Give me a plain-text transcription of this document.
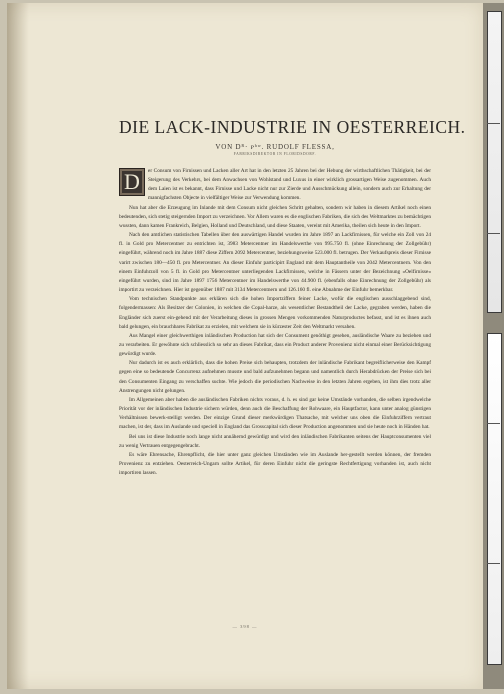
DIE LACK-INDUSTRIE IN OESTERREICH.
VON Dᴿ· ᴘʰʷ. RUDOLF FLESSA,
FABRIKSDIREKTOR IN FLORIDSDORF.

D	er Consum von Firnissen und Lacken aller Art hat in den letzten 25 Jahren bei der Hebung der wirthschaftlichen Thätigkeit, bei der Steigerung des Verkehrs, bei dem Anwachsen von Wohlstand und Luxus in einer wirklich grossartigen Weise zugenommen. Auch dem Laien ist es bekannt, dass Firnisse und Lacke nicht nur zur Zierde und Ausschmückung allein, sondern auch zur Erhaltung der mannigfachsten Objecte in vielfältiger Weise zur Verwendung kommen.

Nun hat aber die Erzeugung im Inlande mit dem Consum nicht gleichen Schritt gehalten, sondern wir haben in diesem Artikel noch einen bedeutenden, sich stetig steigernden Import zu verzeichnen. Vor Allem waren es die englischen Fabriken, die sich des Weltmarktes zu bemächtigen wussten, dann kamen Frankreich, Belgien, Holland und Deutschland, und diese Staaten, vereint mit Amerika, theilen sich heute in den Import.

Nach den amtlichen statistischen Tabellen über den auswärtigen Handel wurden im Jahre 1897 an Lackfirnissen, für welche ein Zoll von 24 fl. in Gold pro Metercentner zu entrichten ist, 3983 Metercentner im Handelswerthe von 995.750 fl. (ohne Einrechnung der Zollgebühr) eingeführt, während noch im Jahre 1887 diese Ziffern 2092 Metercentner, beziehungsweise 523.000 fl. betrugen. Der Verkaufspreis dieser Firnisse varirt zwischen 180—450 fl. pro Metercentner. An dieser Einfuhr participirt England mit dem Hauptantheile von 2042 Metercentnern. Von den einem Einfuhrzoll von 5 fl. in Gold pro Metercentner unterliegenden Lackfirnissen, welche in Fässern unter der Bezeichnung »Oelfirnisse« eingeführt wurden, sind im Jahre 1897 1756 Metercentner im Handelswerthe von 44.900 fl. (ebenfalls ohne Einrechnung der Zollgebühr) als importirt zu verzeichnen. Hier ist gegenüber 1887 mit 3134 Metercentnern und 126.160 fl. eine Abnahme der Einfuhr bemerkbar.

Vom technischen Standpunkte aus erklären sich die hohen Importziffern feiner Lacke, wofür die englischen ausschlaggebend sind, folgendermassen: Als Besitzer der Colonien, in welchen die Copal-harze, als wesentlicher Bestandtheil der Lacke, gegraben werden, haben die Engländer sich zuerst ein-gehend mit der Verarbeitung dieses in grossen Mengen vorkommenden Naturproductes befasst, und ist es ihnen auch bald gelungen, ein brauchbares Fabrikat zu erzielen, mit welchem sie in kürzester Zeit den Weltmarkt versahen.

Aus Mangel einer gleichwerthigen inländischen Production hat sich der Consument genöthigt gesehen, ausländische Waare zu beziehen und zu verarbeiten. Er gewöhnte sich schliesslich so sehr an dieses Fabrikat, dass ein Product anderer Provenienz nicht einmal einer Berücksichtigung gewürdigt wurde.

Nur dadurch ist es auch erklärlich, dass die hohen Preise sich behaupten, trotzdem der inländische Fabrikant begreiflicherweise den Kampf gegen eine so bedeutende Concurrenz aufnehmen musste und bald aufzunehmen begann und namentlich durch Herabdrücken der Preise sich bei den Consumenten Eingang zu verschaffen suchte. Wie jedoch die periodischen Nachweise in den letzten Jahren ergeben, ist ihm dies trotz aller Anstrengungen nicht gelungen.

Im Allgemeinen aber haben die ausländischen Fabriken nichts voraus, d. h. es sind gar keine Umstände vorhanden, die selben irgendwelche Priorität vor der inländischen Industrie sichern würden, denn auch die Beschaffung der Rohwaare, ein Hauptfactor, kann unter analog günstigen Verhältnissen bewerk-stelligt werden. Der einzige Grund dieser merkwürdigen Thatsache, mit welcher uns oben die Einfuhrziffern vertraut machen, ist der, dass im Auslande und speciell in England das Grosscapital sich dieser Production angenommen und sie heute noch in Händen hat.

Bei uns ist diese Industrie noch lange nicht annähernd gewürdigt und wird den inländischen Fabrikanten seitens der Hauptconsumenten viel zu wenig Vertrauen entgegengebracht.

Es wäre Ehrensache, Ehrenpflicht, die hier unter ganz gleichen Umständen wie im Auslande her-gestellt werden können, der fremden Provenienz zu entziehen. Oesterreich-Ungarn sollte Artikel, für deren Einfuhr nicht die geringste Rechtfertigung vorhanden ist, auch nicht importiren lassen.

— 398 —
